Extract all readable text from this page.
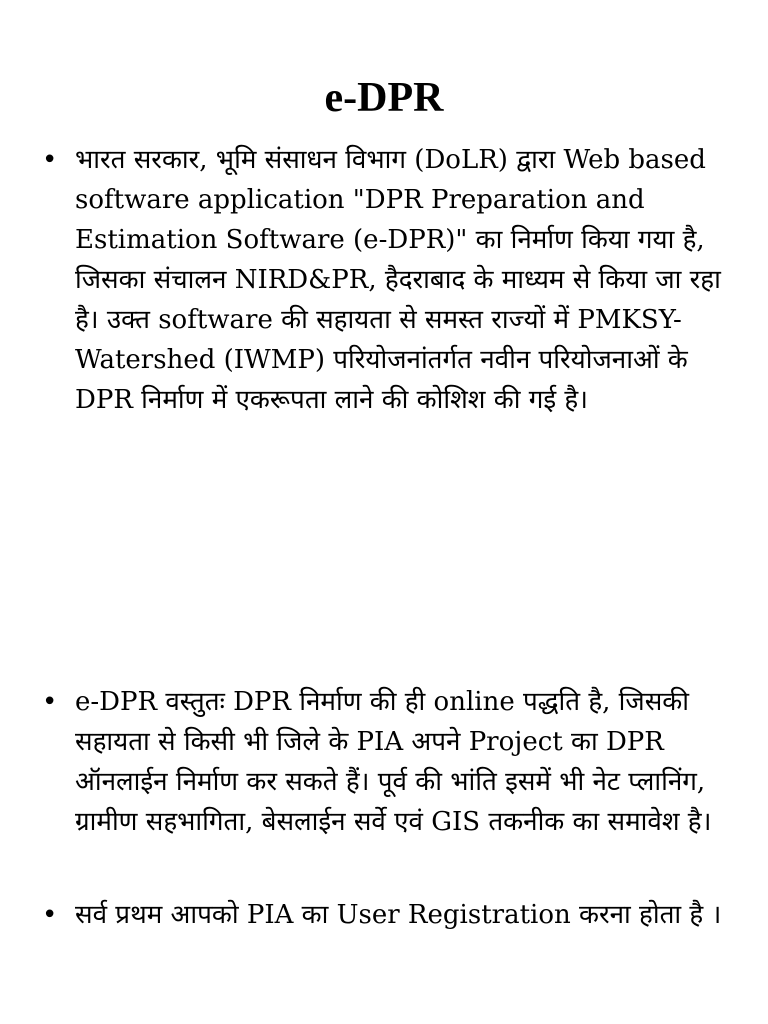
e-DPR
• भारत सरकार, भूमि संसाधन विभाग (DoLR) द्वारा Web based software application "DPR Preparation and Estimation Software (e-DPR)" का निर्माण किया गया है, जिसका संचालन NIRD&PR, हैदराबाद के माध्यम से किया जा रहा है। उक्त software की सहायता से समस्त राज्यों में PMKSY-Watershed (IWMP) परियोजनांतर्गत नवीन परियोजनाओं के DPR निर्माण में एकरूपता लाने की कोशिश की गई है।
• e-DPR वस्तुतः DPR निर्माण की ही online पद्धति है, जिसकी सहायता से किसी भी जिले के PIA अपने Project का DPR ऑनलाईन निर्माण कर सकते हैं। पूर्व की भांति इसमें भी नेट प्लानिंग, ग्रामीण सहभागिता, बेसलाईन सर्वे एवं GIS तकनीक का समावेश है।
• सर्व प्रथम आपको PIA का User Registration करना होता है ।
